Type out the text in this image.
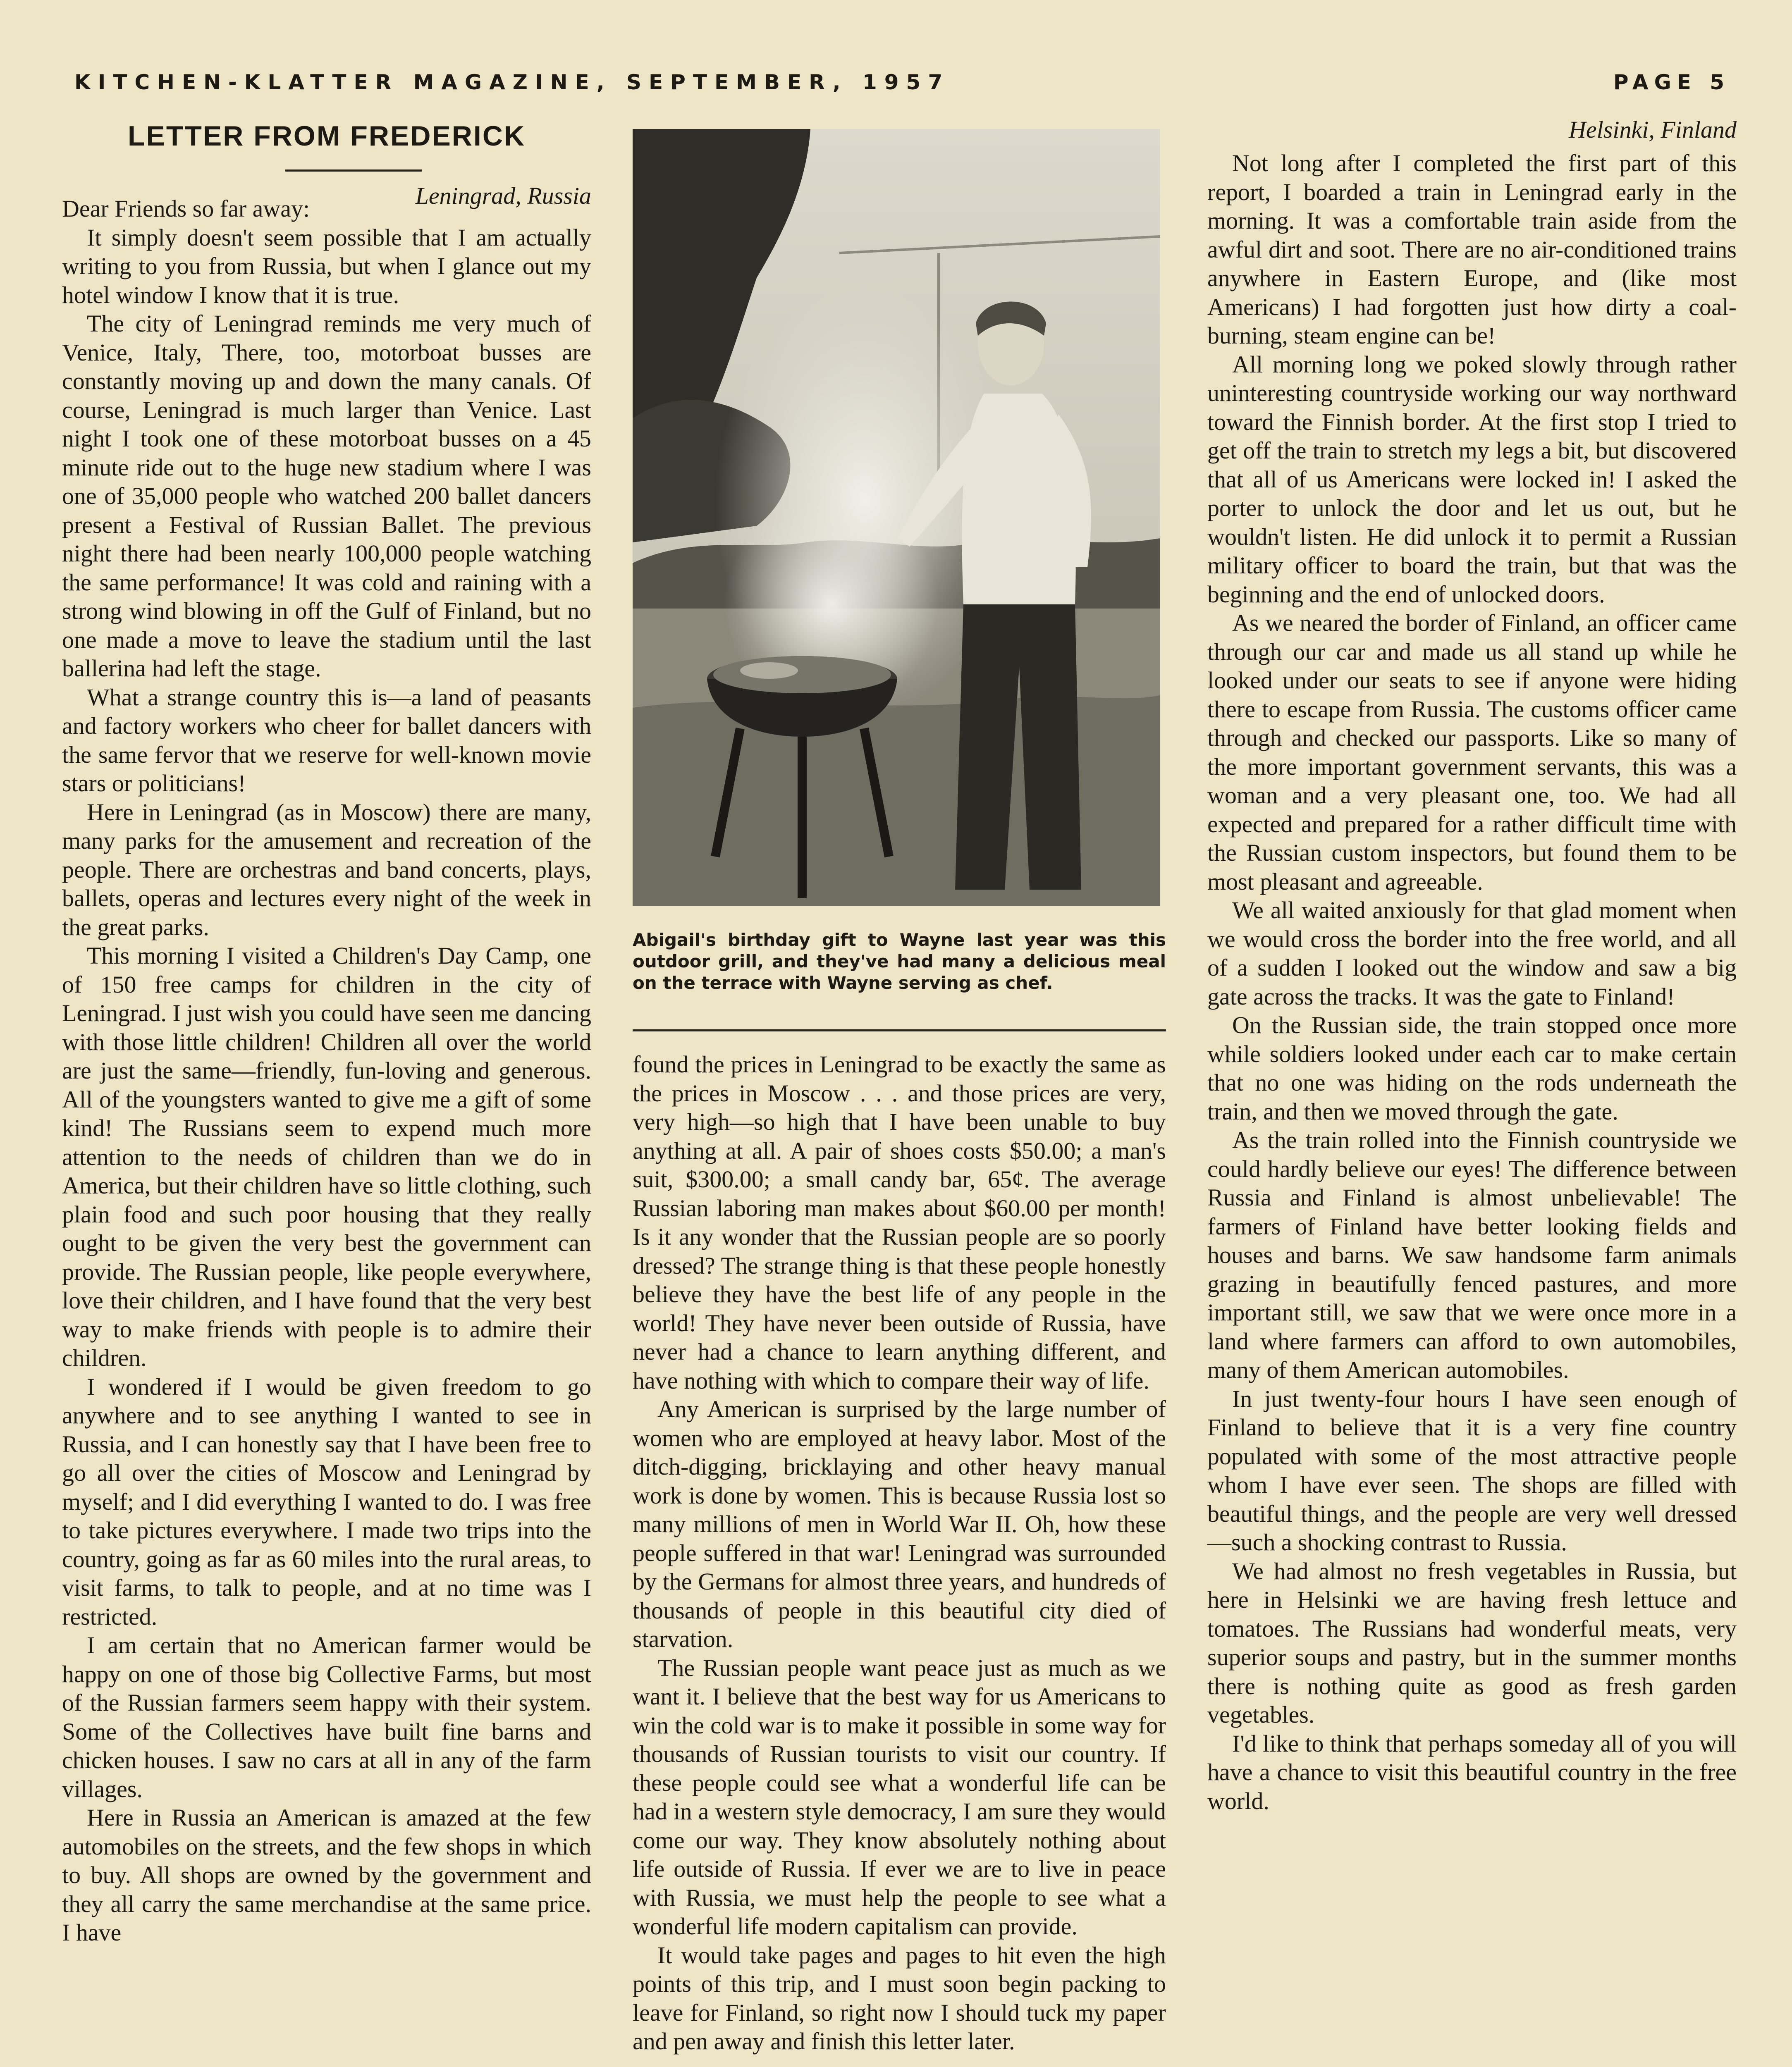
KITCHEN-KLATTER MAGAZINE, SEPTEMBER, 1957	PAGE 5
LETTER FROM FREDERICK
Leningrad, Russia

Dear Friends so far away:

It simply doesn't seem possible that I am actually writing to you from Russia, but when I glance out my hotel window I know that it is true.

The city of Leningrad reminds me very much of Venice, Italy, There, too, motorboat busses are constantly moving up and down the many canals. Of course, Leningrad is much larger than Venice. Last night I took one of these motorboat busses on a 45 minute ride out to the huge new stadium where I was one of 35,000 people who watched 200 ballet dancers present a Festival of Russian Ballet. The previous night there had been nearly 100,000 people watching the same performance! It was cold and raining with a strong wind blowing in off the Gulf of Finland, but no one made a move to leave the stadium until the last ballerina had left the stage.

What a strange country this is—a land of peasants and factory workers who cheer for ballet dancers with the same fervor that we reserve for well-known movie stars or politicians!

Here in Leningrad (as in Moscow) there are many, many parks for the amusement and recreation of the people. There are orchestras and band concerts, plays, ballets, operas and lectures every night of the week in the great parks.

This morning I visited a Children's Day Camp, one of 150 free camps for children in the city of Leningrad. I just wish you could have seen me dancing with those little children! Children all over the world are just the same—friendly, fun-loving and generous. All of the youngsters wanted to give me a gift of some kind! The Russians seem to expend much more attention to the needs of children than we do in America, but their children have so little clothing, such plain food and such poor housing that they really ought to be given the very best the government can provide. The Russian people, like people everywhere, love their children, and I have found that the very best way to make friends with people is to admire their children.

I wondered if I would be given freedom to go anywhere and to see anything I wanted to see in Russia, and I can honestly say that I have been free to go all over the cities of Moscow and Leningrad by myself; and I did everything I wanted to do. I was free to take pictures everywhere. I made two trips into the country, going as far as 60 miles into the rural areas, to visit farms, to talk to people, and at no time was I restricted.

I am certain that no American farmer would be happy on one of those big Collective Farms, but most of the Russian farmers seem happy with their system. Some of the Collectives have built fine barns and chicken houses. I saw no cars at all in any of the farm villages.

Here in Russia an American is amazed at the few automobiles on the streets, and the few shops in which to buy. All shops are owned by the government and they all carry the same merchandise at the same price. I have

Abigail's birthday gift to Wayne last year was this outdoor grill, and they've had many a delicious meal on the terrace with Wayne serving as chef.

found the prices in Leningrad to be exactly the same as the prices in Moscow . . . and those prices are very, very high—so high that I have been unable to buy anything at all. A pair of shoes costs $50.00; a man's suit, $300.00; a small candy bar, 65¢. The average Russian laboring man makes about $60.00 per month! Is it any wonder that the Russian people are so poorly dressed? The strange thing is that these people honestly believe they have the best life of any people in the world! They have never been outside of Russia, have never had a chance to learn anything different, and have nothing with which to compare their way of life.

Any American is surprised by the large number of women who are employed at heavy labor. Most of the ditch-digging, bricklaying and other heavy manual work is done by women. This is because Russia lost so many millions of men in World War II. Oh, how these people suffered in that war! Leningrad was surrounded by the Germans for almost three years, and hundreds of thousands of people in this beautiful city died of starvation.

The Russian people want peace just as much as we want it. I believe that the best way for us Americans to win the cold war is to make it possible in some way for thousands of Russian tourists to visit our country. If these people could see what a wonderful life can be had in a western style democracy, I am sure they would come our way. They know absolutely nothing about life outside of Russia. If ever we are to live in peace with Russia, we must help the people to see what a wonderful life modern capitalism can provide.

It would take pages and pages to hit even the high points of this trip, and I must soon begin packing to leave for Finland, so right now I should tuck my paper and pen away and finish this letter later.

Helsinki, Finland

Not long after I completed the first part of this report, I boarded a train in Leningrad early in the morning. It was a comfortable train aside from the awful dirt and soot. There are no air-conditioned trains anywhere in Eastern Europe, and (like most Americans) I had forgotten just how dirty a coal-burning, steam engine can be!

All morning long we poked slowly through rather uninteresting countryside working our way northward toward the Finnish border. At the first stop I tried to get off the train to stretch my legs a bit, but discovered that all of us Americans were locked in! I asked the porter to unlock the door and let us out, but he wouldn't listen. He did unlock it to permit a Russian military officer to board the train, but that was the beginning and the end of unlocked doors.

As we neared the border of Finland, an officer came through our car and made us all stand up while he looked under our seats to see if anyone were hiding there to escape from Russia. The customs officer came through and checked our passports. Like so many of the more important government servants, this was a woman and a very pleasant one, too. We had all expected and prepared for a rather difficult time with the Russian custom inspectors, but found them to be most pleasant and agreeable.

We all waited anxiously for that glad moment when we would cross the border into the free world, and all of a sudden I looked out the window and saw a big gate across the tracks. It was the gate to Finland!

On the Russian side, the train stopped once more while soldiers looked under each car to make certain that no one was hiding on the rods underneath the train, and then we moved through the gate.

As the train rolled into the Finnish countryside we could hardly believe our eyes! The difference between Russia and Finland is almost unbelievable! The farmers of Finland have better looking fields and houses and barns. We saw handsome farm animals grazing in beautifully fenced pastures, and more important still, we saw that we were once more in a land where farmers can afford to own automobiles, many of them American automobiles.

In just twenty-four hours I have seen enough of Finland to believe that it is a very fine country populated with some of the most attractive people whom I have ever seen. The shops are filled with beautiful things, and the people are very well dressed—such a shocking contrast to Russia.

We had almost no fresh vegetables in Russia, but here in Helsinki we are having fresh lettuce and tomatoes. The Russians had wonderful meats, very superior soups and pastry, but in the summer months there is nothing quite as good as fresh garden vegetables.

I'd like to think that perhaps someday all of you will have a chance to visit this beautiful country in the free world.
